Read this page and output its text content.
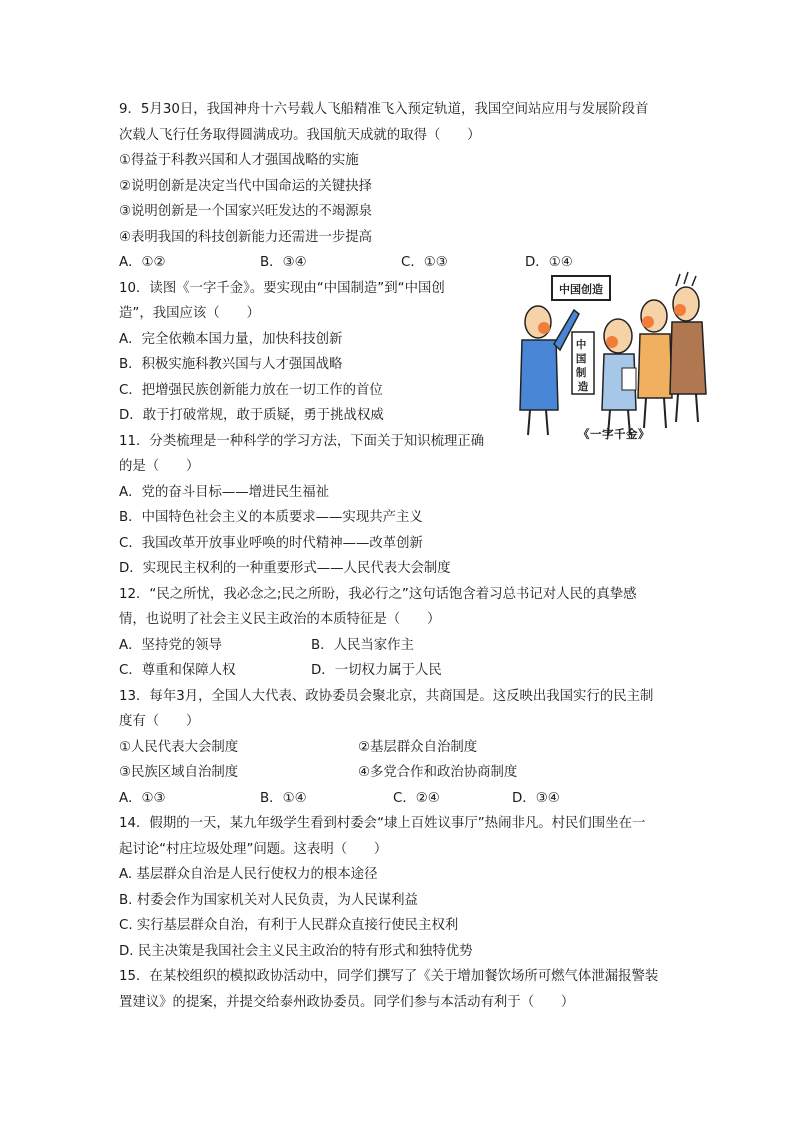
9．5月30日，我国神舟十六号载人飞船精准飞入预定轨道，我国空间站应用与发展阶段首
次载人飞行任务取得圆满成功。我国航天成就的取得（　　）
①得益于科教兴国和人才强国战略的实施
②说明创新是决定当代中国命运的关键抉择
③说明创新是一个国家兴旺发达的不竭源泉
④表明我国的科技创新能力还需进一步提高
A．①②	B．③④	C．①③	D．①④
10．读图《一字千金》。要实现由“中国制造”到“中国创
造”，我国应该（　　）
A．完全依赖本国力量，加快科技创新
B．积极实施科教兴国与人才强国战略
C．把增强民族创新能力放在一切工作的首位
D．敢于打破常规，敢于质疑，勇于挑战权威
中国创造
中 国 制 造
《一字千金》
11．分类梳理是一种科学的学习方法，下面关于知识梳理正确
的是（　　）
A．党的奋斗目标——增进民生福祉
B．中国特色社会主义的本质要求——实现共产主义
C．我国改革开放事业呼唤的时代精神——改革创新
D．实现民主权利的一种重要形式——人民代表大会制度
12．“民之所忧，我必念之;民之所盼，我必行之”这句话饱含着习总书记对人民的真挚感
情，也说明了社会主义民主政治的本质特征是（　　）
A．坚持党的领导	B．人民当家作主
C．尊重和保障人权	D．一切权力属于人民
13．每年3月，全国人大代表、政协委员会聚北京，共商国是。这反映出我国实行的民主制
度有（　　）
①人民代表大会制度	②基层群众自治制度
③民族区域自治制度	④多党合作和政治协商制度
A．①③	B．①④	C．②④	D．③④
14．假期的一天，某九年级学生看到村委会“埭上百姓议事厅”热闹非凡。村民们围坐在一
起讨论“村庄垃圾处理”问题。这表明（　　）
A. 基层群众自治是人民行使权力的根本途径
B. 村委会作为国家机关对人民负责，为人民谋利益
C. 实行基层群众自治，有利于人民群众直接行使民主权利
D. 民主决策是我国社会主义民主政治的特有形式和独特优势
15．在某校组织的模拟政协活动中，同学们撰写了《关于增加餐饮场所可燃气体泄漏报警装
置建议》的提案，并提交给泰州政协委员。同学们参与本活动有利于（　　）
